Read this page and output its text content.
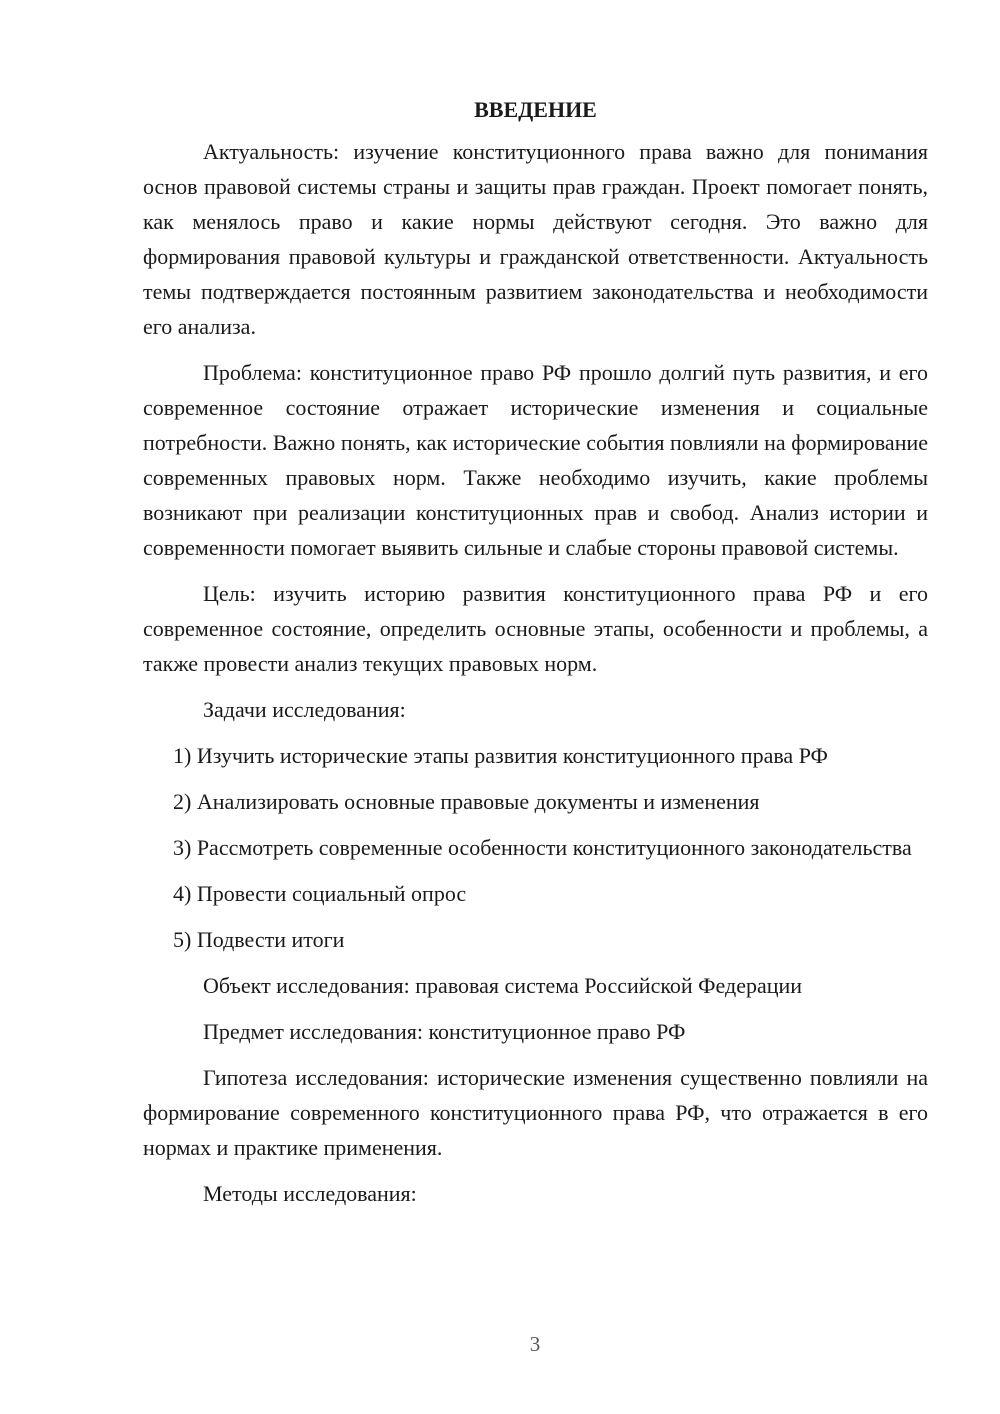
ВВЕДЕНИЕ

Актуальность: изучение конституционного права важно для понимания основ правовой системы страны и защиты прав граждан. Проект помогает понять, как менялось право и какие нормы действуют сегодня. Это важно для формирования правовой культуры и гражданской ответственности. Актуальность темы подтверждается постоянным развитием законодательства и необходимости его анализа.

Проблема: конституционное право РФ прошло долгий путь развития, и его современное состояние отражает исторические изменения и социальные потребности. Важно понять, как исторические события повлияли на формирование современных правовых норм. Также необходимо изучить, какие проблемы возникают при реализации конституционных прав и свобод. Анализ истории и современности помогает выявить сильные и слабые стороны правовой системы.

Цель: изучить историю развития конституционного права РФ и его современное состояние, определить основные этапы, особенности и проблемы, а также провести анализ текущих правовых норм.

Задачи исследования:

1) Изучить исторические этапы развития конституционного права РФ

2) Анализировать основные правовые документы и изменения

3) Рассмотреть современные особенности конституционного законодательства

4) Провести социальный опрос

5) Подвести итоги

Объект исследования: правовая система Российской Федерации

Предмет исследования: конституционное право РФ

Гипотеза исследования: исторические изменения существенно повлияли на формирование современного конституционного права РФ, что отражается в его нормах и практике применения.

Методы исследования:

3
